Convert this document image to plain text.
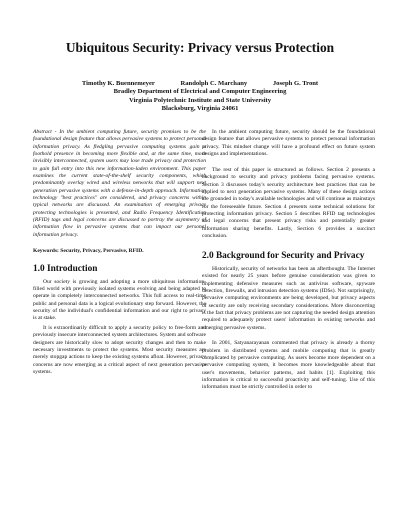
Ubiquitous Security: Privacy versus Protection
Timothy K. Buennemeyer	Randolph C. Marchany	Joseph G. Tront
Bradley Department of Electrical and Computer Engineering
Virginia Polytechnic Institute and State University
Blacksburg, Virginia 24061
Abstract - In the ambient computing future, security promises to be the foundational design feature that allows pervasive systems to protect personal information privacy. As fledgling pervasive computing systems gain a foothold presence in becoming more flexible and, at the same time, more invisibly interconnected, system users may lose trade privacy and protection to gain full entry into this new information-laden environment. This paper examines the current state-of-the-shelf security components, which predominantly overlay wired and wireless networks that will support next generation pervasive systems with a defense-in-depth approach. Information technology "best practices" are considered, and privacy concerns within typical networks are discussed. An examination of emerging privacy protecting technologies is presented, and Radio Frequency Identification (RFID) tags and legal concerns are discussed to portray the asymmetry of information flow in pervasive systems that can impact our personal information privacy.
Keywords: Security, Privacy, Pervasive, RFID.
1.0 Introduction
Our society is growing and adopting a more ubiquitous information-filled world with previously isolated systems evolving and being adapted to operate in completely interconnected networks. This full access to real-time public and personal data is a logical evolutionary step forward. However, the security of the individual's confidential information and our right to privacy is at stake.
It is extraordinarily difficult to apply a security policy to free-form and previously insecure interconnected system architectures. System and software designers are historically slow to adopt security changes and then to make necessary investments to protect the systems. Most security measures are merely stopgap actions to keep the existing systems afloat. However, privacy concerns are now emerging as a critical aspect of next generation pervasive systems.
In the ambient computing future, security should be the foundational design feature that allows pervasive systems to protect personal information privacy. This mindset change will have a profound effect on future system designs and implementations.
The rest of this paper is structured as follows. Section 2 presents a background to security and privacy problems facing pervasive systems. Section 3 discusses today's security architecture best practices that can be applied to next generation pervasive systems. Many of these design actions are grounded in today's available technologies and will continue as mainstays for the foreseeable future. Section 4 presents some technical solutions for protecting information privacy. Section 5 describes RFID tag technologies and legal concerns that present privacy risks and potentially greater information sharing benefits. Lastly, Section 6 provides a succinct conclusion.
2.0 Background for Security and Privacy
Historically, security of networks has been an afterthought. The Internet existed for nearly 25 years before genuine consideration was given to implementing defensive measures such as antivirus software, spyware detection, firewalls, and intrusion detection systems (IDSs). Not surprisingly, pervasive computing environments are being developed, but privacy aspects of security are only receiving secondary considerations. More disconcerting is the fact that privacy problems are not capturing the needed design attention required to adequately protect users' information in existing networks and emerging pervasive systems.
In 2001, Satyanarayanan commented that privacy is already a thorny problem in distributed systems and mobile computing that is greatly complicated by pervasive computing. As users become more dependent on a pervasive computing system, it becomes more knowledgeable about that user's movements, behavior patterns, and habits [1]. Exploiting this information is critical to successful proactivity and self-tuning. Use of this information must be strictly controlled in order to
